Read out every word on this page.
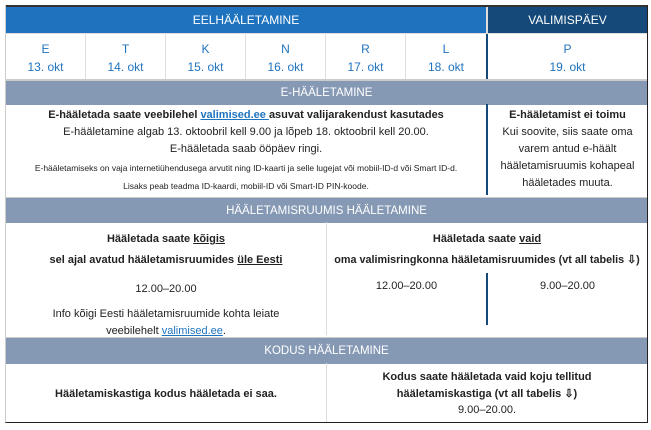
EELHÄÄLETAMINE	VALIMISPÄEV
E
13. okt
T
14. okt
K
15. okt
N
16. okt
R
17. okt
L
18. okt
P
19. okt
E-HÄÄLETAMINE
E-hääletada saate veebilehel valimised.ee asuvat valijarakendust kasutades
E-hääletamine algab 13. oktoobril kell 9.00 ja lõpeb 18. oktoobril kell 20.00.
E-hääletada saab ööpäev ringi.
E-hääletamiseks on vaja internetiühendusega arvutit ning ID-kaarti ja selle lugejat või mobiil-ID-d või Smart ID-d.
Lisaks peab teadma ID-kaardi, mobiil-ID või Smart-ID PIN-koode.
E-hääletamist ei toimu
Kui soovite, siis saate oma varem antud e-häält hääletamisruumis kohapeal hääletades muuta.
HÄÄLETAMISRUUMIS HÄÄLETAMINE
Hääletada saate kõigis
sel ajal avatud hääletamisruumides üle Eesti
12.00–20.00
Info kõigi Eesti hääletamisruumide kohta leiate
veebilehelt valimised.ee.
Hääletada saate vaid
oma valimisringkonna hääletamisruumides (vt all tabelis ⇩)
12.00–20.00	9.00–20.00
KODUS HÄÄLETAMINE
Hääletamiskastiga kodus hääletada ei saa.
Kodus saate hääletada vaid koju tellitud
hääletamiskastiga (vt all tabelis ⇩)
9.00–20.00.
